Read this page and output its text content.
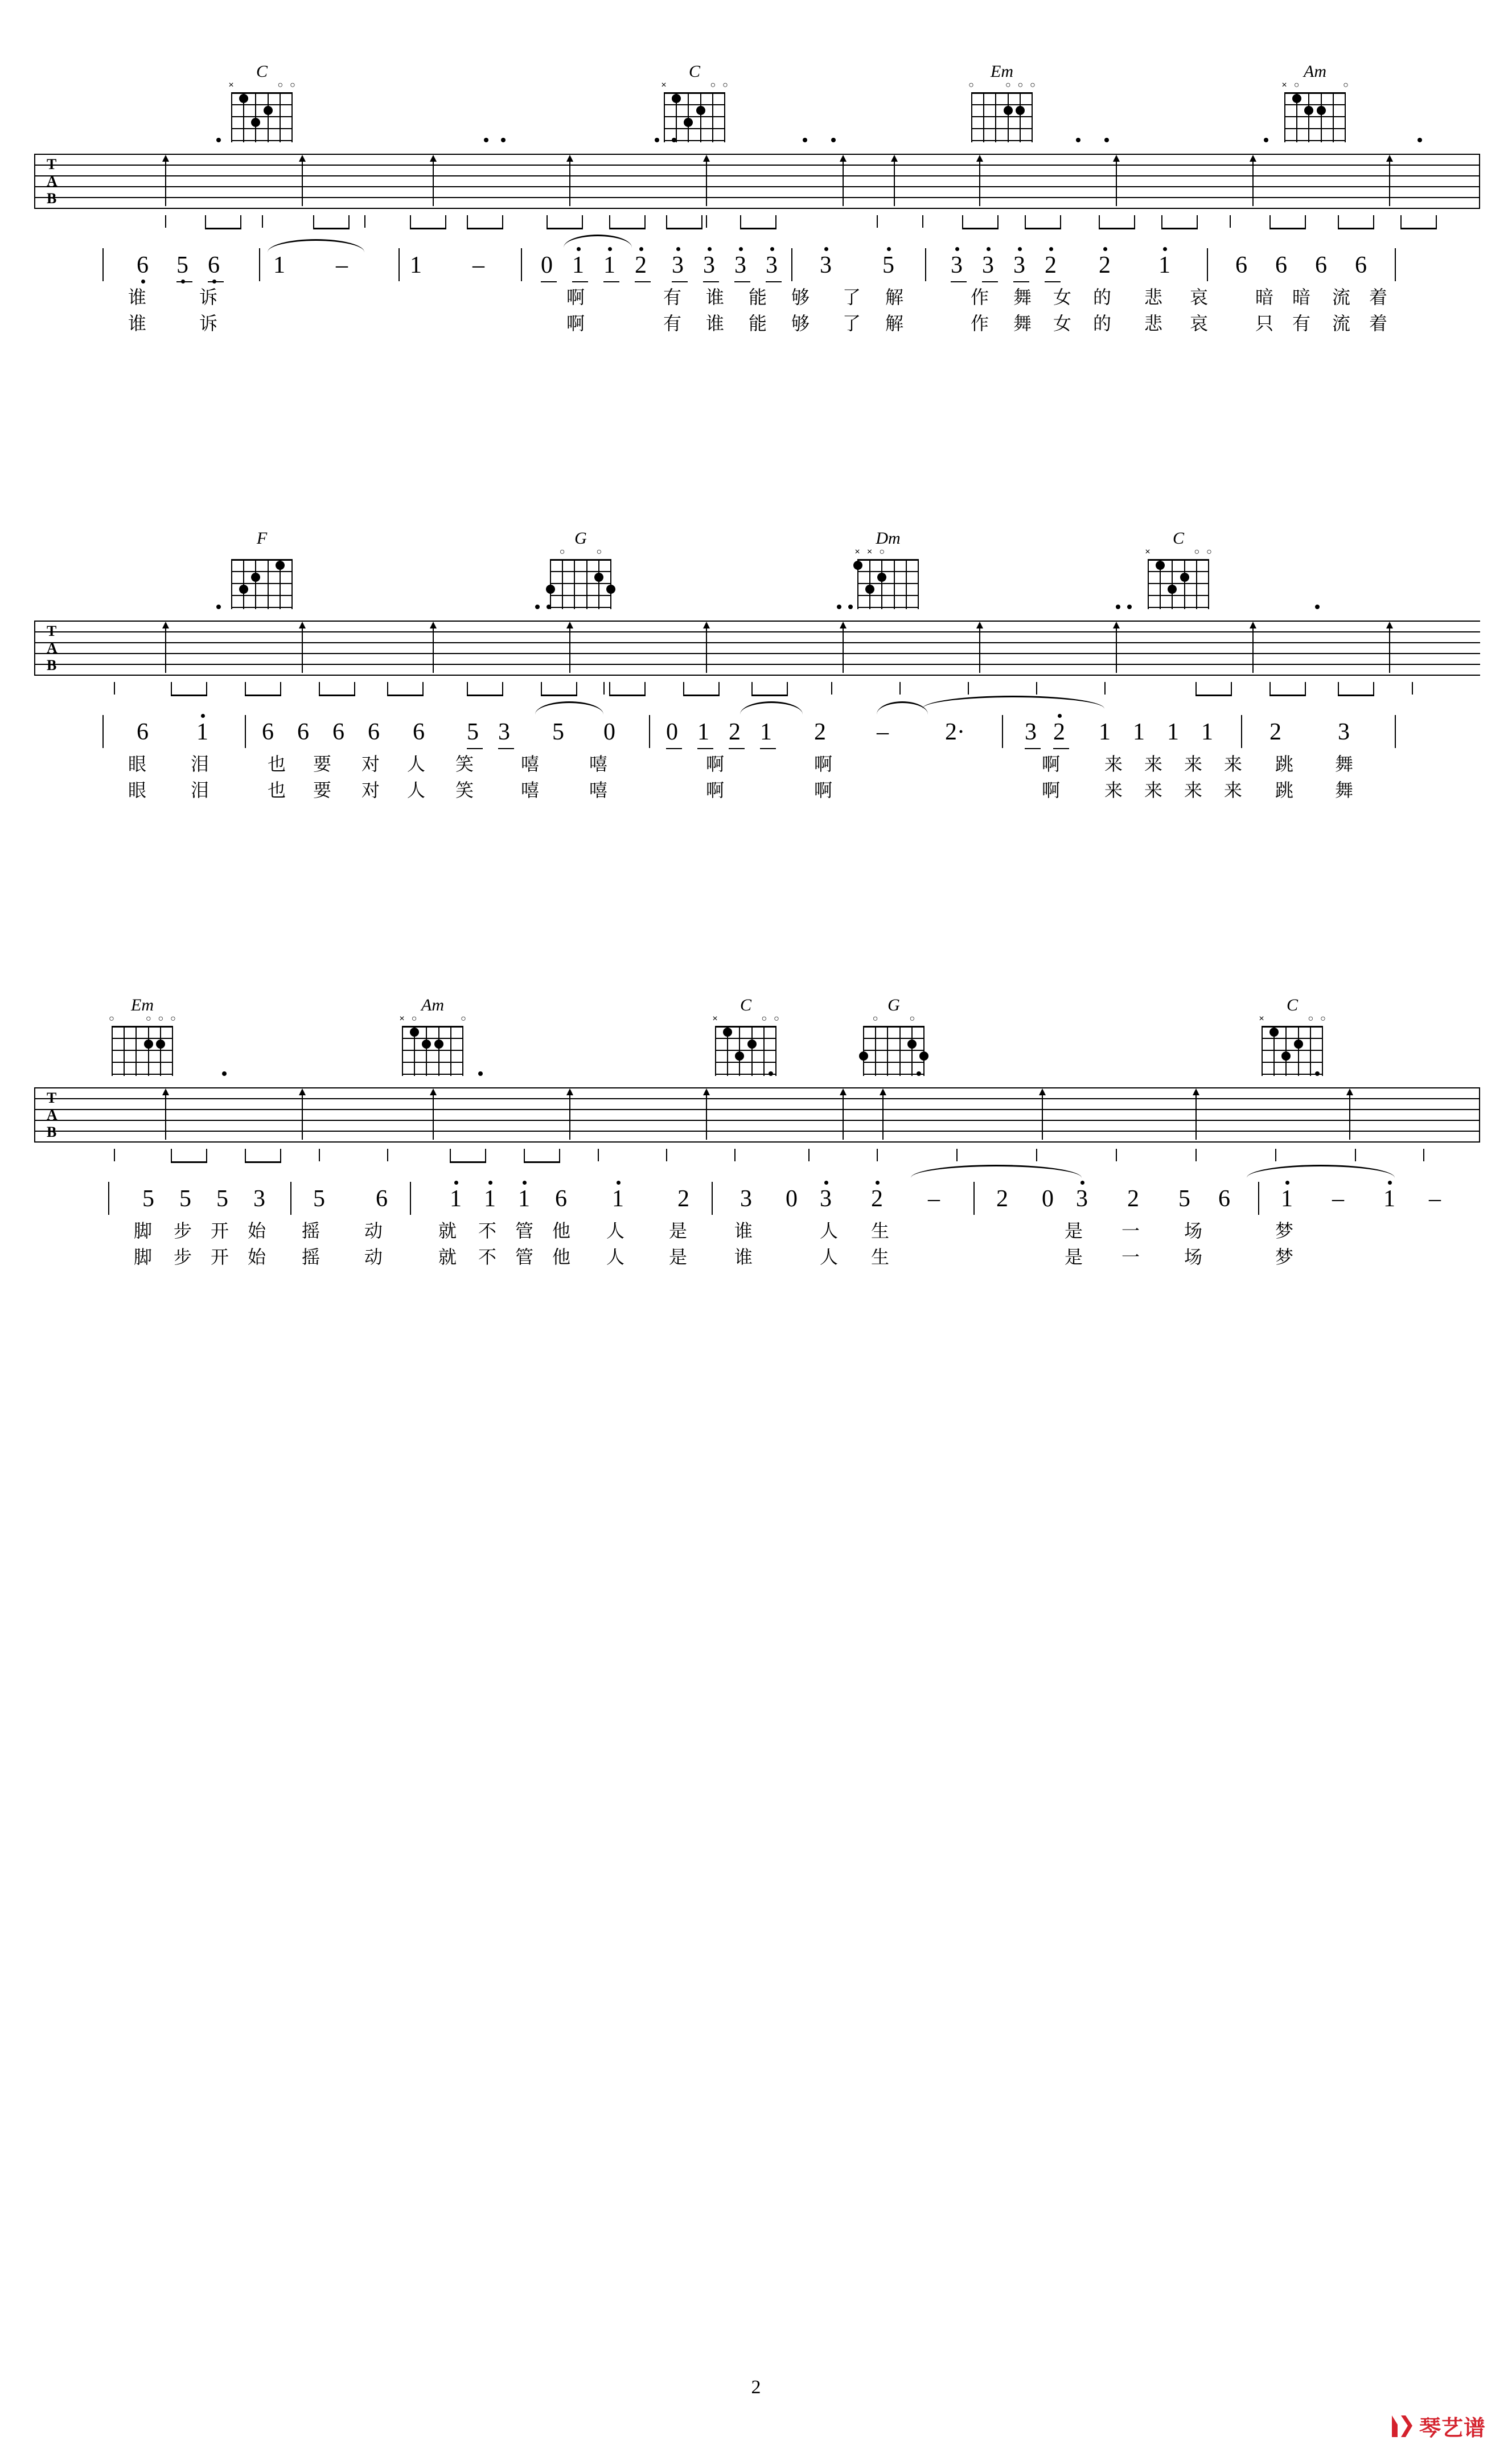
C
×	○ ○
C
×	○ ○
Em
○	○ ○ ○
Am
× ○	○
T
A
B
6 5 6 1 –	1 – 0 1 1 2 3 3 3 3 3 5 3 3 3 2 2 1	6 6 6 6
谁	诉	啊	有 谁 能 够 了 解	作 舞 女 的 悲 哀	暗 暗 流 着
谁	诉	啊	有 谁 能 够 了 解	作 舞 女 的 悲 哀	只 有 流 着
F	G
○	○
Dm
× × ○
C
×	○ ○
T
A
B
6 1 6 6 6 6 6 5 3 5 0 0 1 2 1 2 – 2·	3 2 1 1 1 1 2 3
眼 泪	也 要 对 人 笑	嘻	嘻	啊	啊	啊 来 来 来 来 跳 舞
眼 泪	也 要 对 人 笑	嘻	嘻	啊	啊	啊 来 来 来 来 跳 舞
Em
○	○ ○ ○
Am
× ○	○
C
×	○ ○
G
○	○
C
×	○ ○
T
A
B
5 5 5 3 5 6	1 1 1 6 1 2 3 0 3 2 – 2 0 3 2 5 6 1 – 1 –
脚 步 开 始 摇 动	就 不 管 他 人 是	谁	人 生	是 一 场	梦
脚 步 开 始 摇 动	就 不 管 他 人 是	谁	人 生	是 一 场	梦
2
琴艺谱
